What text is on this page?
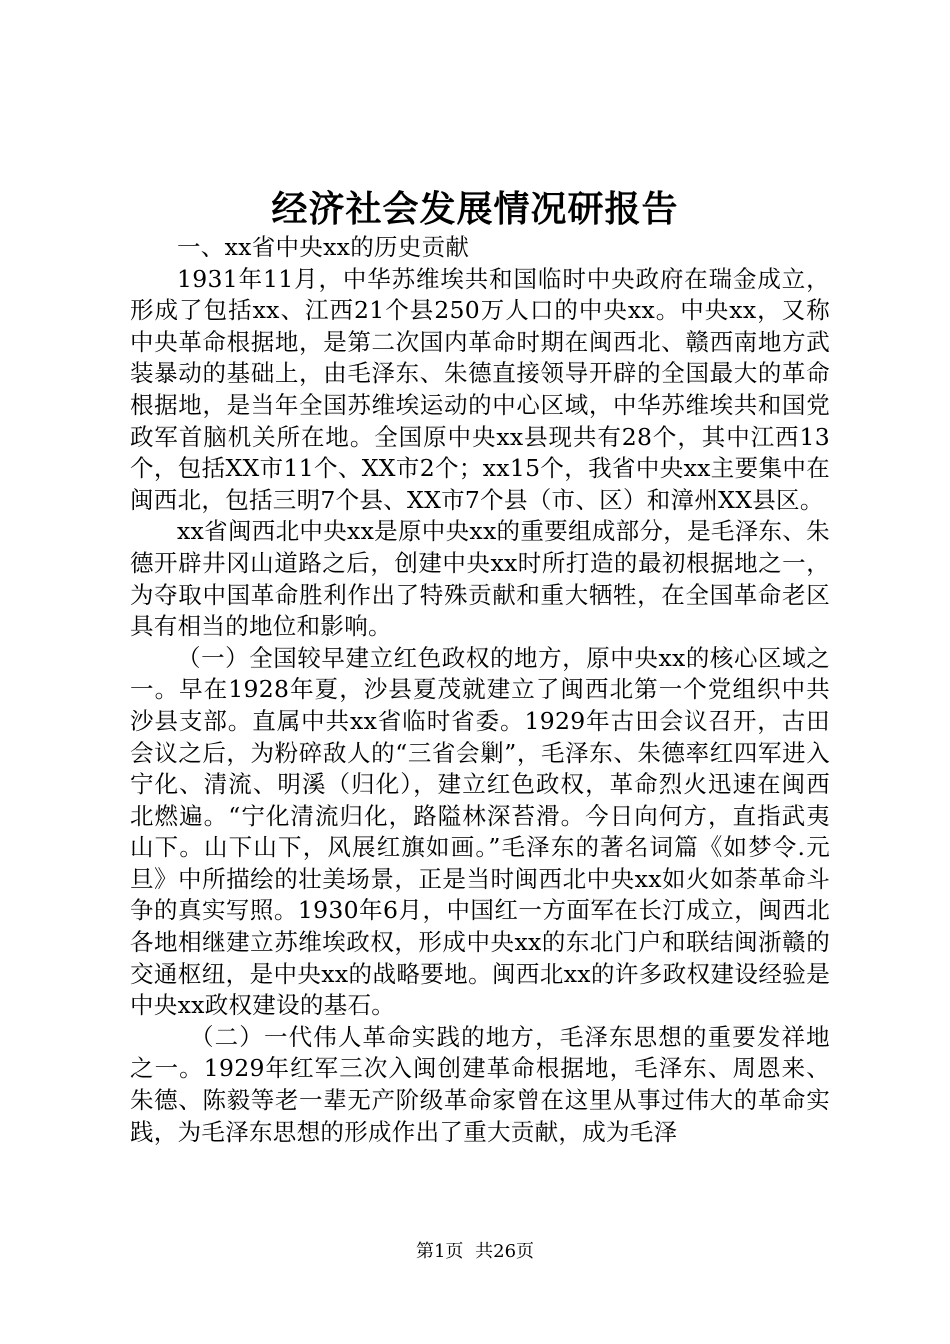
经济社会发展情况研报告

一、xx省中央xx的历史贡献

1931年11月，中华苏维埃共和国临时中央政府在瑞金成立，形成了包括xx、江西21个县250万人口的中央xx。中央xx，又称中央革命根据地，是第二次国内革命时期在闽西北、赣西南地方武装暴动的基础上，由毛泽东、朱德直接领导开辟的全国最大的革命根据地，是当年全国苏维埃运动的中心区域，中华苏维埃共和国党政军首脑机关所在地。全国原中央xx县现共有28个，其中江西13个，包括XX市11个、XX市2个；xx15个，我省中央xx主要集中在闽西北，包括三明7个县、XX市7个县（市、区）和漳州XX县区。

xx省闽西北中央xx是原中央xx的重要组成部分，是毛泽东、朱德开辟井冈山道路之后，创建中央xx时所打造的最初根据地之一，为夺取中国革命胜利作出了特殊贡献和重大牺牲，在全国革命老区具有相当的地位和影响。

（一）全国较早建立红色政权的地方，原中央xx的核心区域之一。早在1928年夏，沙县夏茂就建立了闽西北第一个党组织中共沙县支部。直属中共xx省临时省委。1929年古田会议召开，古田会议之后，为粉碎敌人的“三省会剿”，毛泽东、朱德率红四军进入宁化、清流、明溪（归化），建立红色政权，革命烈火迅速在闽西北燃遍。“宁化清流归化，路隘林深苔滑。今日向何方，直指武夷山下。山下山下，风展红旗如画。”毛泽东的著名词篇《如梦令.元旦》中所描绘的壮美场景，正是当时闽西北中央xx如火如荼革命斗争的真实写照。1930年6月，中国红一方面军在长汀成立，闽西北各地相继建立苏维埃政权，形成中央xx的东北门户和联结闽浙赣的交通枢纽，是中央xx的战略要地。闽西北xx的许多政权建设经验是中央xx政权建设的基石。

（二）一代伟人革命实践的地方，毛泽东思想的重要发祥地之一。1929年红军三次入闽创建革命根据地，毛泽东、周恩来、朱德、陈毅等老一辈无产阶级革命家曾在这里从事过伟大的革命实践，为毛泽东思想的形成作出了重大贡献，成为毛泽

第1页 共26页
